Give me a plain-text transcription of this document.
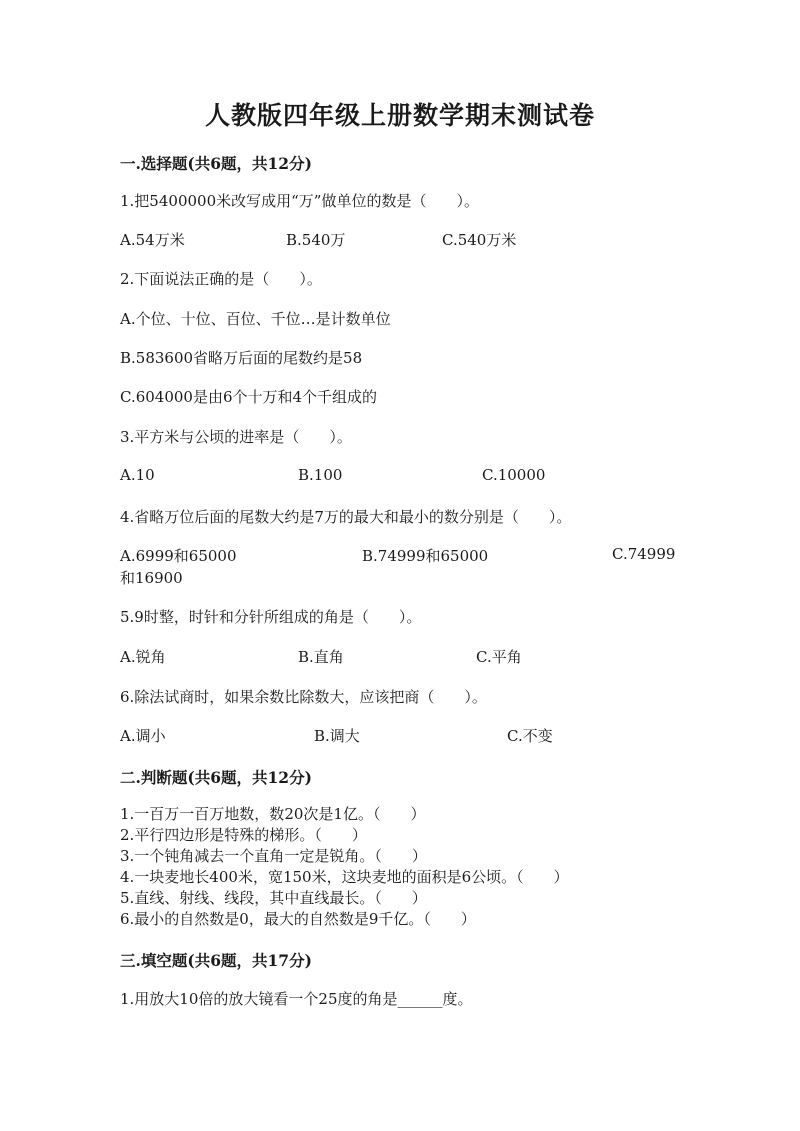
人教版四年级上册数学期末测试卷
一.选择题(共6题，共12分)
1.把5400000米改写成用“万”做单位的数是（　　）。
A.54万米	B.540万	C.540万米
2.下面说法正确的是（　　）。
A.个位、十位、百位、千位…是计数单位
B.583600省略万后面的尾数约是58
C.604000是由6个十万和4个千组成的
3.平方米与公顷的进率是（　　）。
A.10	B.100	C.10000
4.省略万位后面的尾数大约是7万的最大和最小的数分别是（　　）。
A.6999和65000	B.74999和65000	C.74999
和16900
5.9时整，时针和分针所组成的角是（　　）。
A.锐角	B.直角	C.平角
6.除法试商时，如果余数比除数大，应该把商（　　）。
A.调小	B.调大	C.不变
二.判断题(共6题，共12分)
1.一百万一百万地数，数20次是1亿。（　　）
2.平行四边形是特殊的梯形。（　　）
3.一个钝角减去一个直角一定是锐角。（　　）
4.一块麦地长400米，宽150米，这块麦地的面积是6公顷。（　　）
5.直线、射线、线段，其中直线最长。（　　）
6.最小的自然数是0，最大的自然数是9千亿。（　　）
三.填空题(共6题，共17分)
1.用放大10倍的放大镜看一个25度的角是______度。
